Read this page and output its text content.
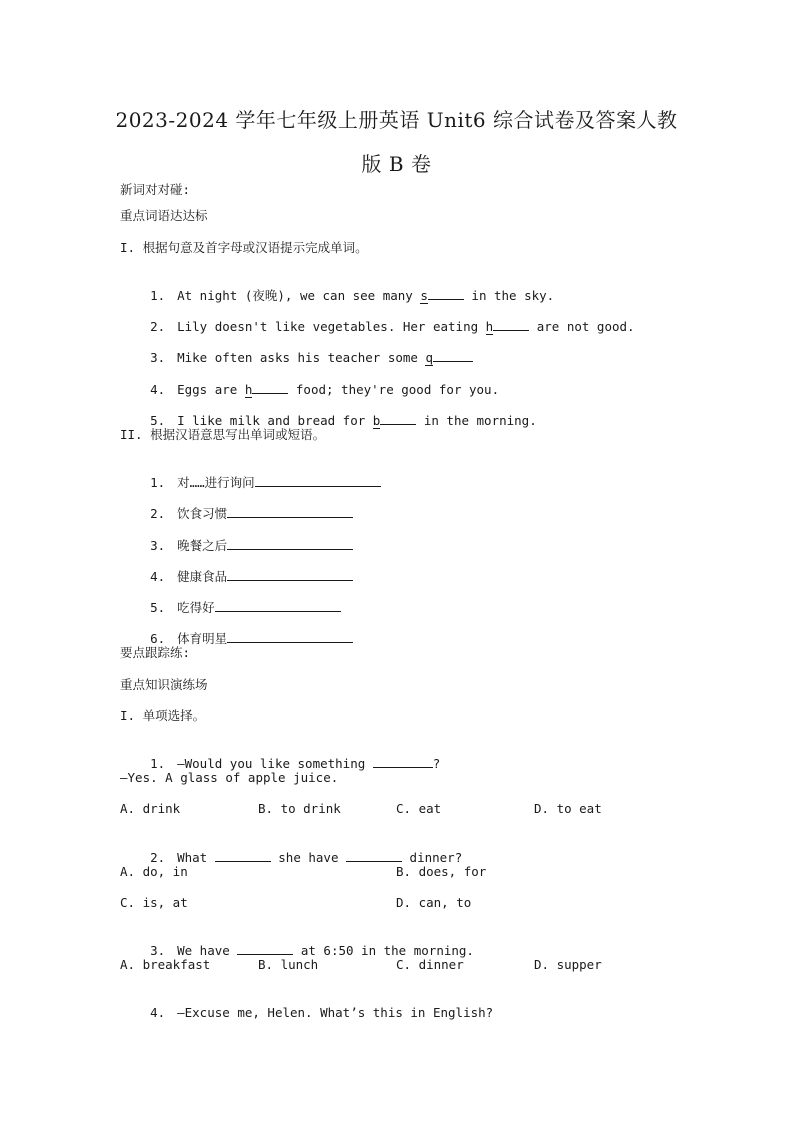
2023-2024 学年七年级上册英语 Unit6 综合试卷及答案人教
版 B 卷
新词对对碰:
重点词语达达标
I. 根据句意及首字母或汉语提示完成单词。

1. At night (夜晚), we can see many s	in the sky.

2. Lily doesn't like vegetables. Her eating h	are not good.

3. Mike often asks his teacher some q

4. Eggs are h	food; they're good for you.

5. I like milk and bread for b	in the morning.

II. 根据汉语意思写出单词或短语。

1. 对……进行询问

2. 饮食习惯

3. 晚餐之后

4. 健康食品

5. 吃得好

6. 体育明星

要点跟踪练:
重点知识演练场
I. 单项选择。

1. —Would you like something	?

—Yes. A glass of apple juice.
A. drink	B. to drink	C. eat	D. to eat

2. What	she have	dinner?

A. do, in	B. does, for
C. is, at	D. can, to

3. We have	at 6:50 in the morning.

A. breakfast	B. lunch	C. dinner	D. supper

4. —Excuse me, Helen. What’s this in English?
